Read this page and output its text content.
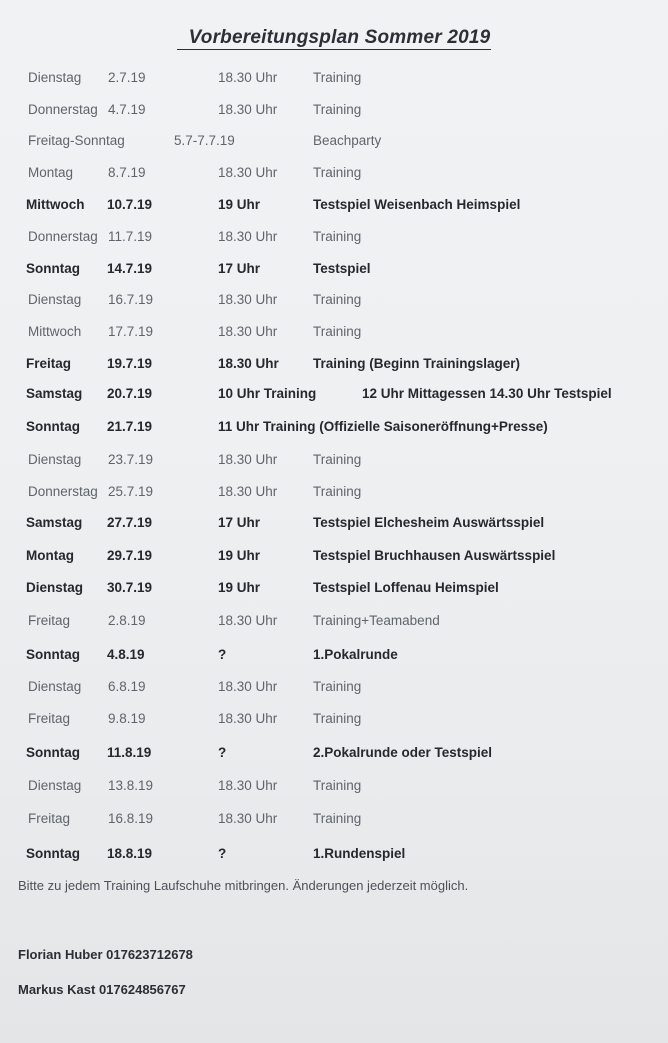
Vorbereitungsplan Sommer 2019
Dienstag 2.7.19	18.30 Uhr	Training
Donnerstag 4.7.19	18.30 Uhr	Training
Freitag-Sonntag	5.7-7.7.19	Beachparty
Montag	8.7.19	18.30 Uhr	Training
Mittwoch 10.7.19	19 Uhr	Testspiel Weisenbach Heimspiel
Donnerstag 11.7.19	18.30 Uhr	Training
Sonntag 14.7.19	17 Uhr	Testspiel
Dienstag 16.7.19	18.30 Uhr	Training
Mittwoch 17.7.19	18.30 Uhr	Training
Freitag	19.7.19	18.30 Uhr	Training (Beginn Trainingslager)
Samstag 20.7.19	10 Uhr Training	12 Uhr Mittagessen 14.30 Uhr Testspiel
Sonntag 21.7.19	11 Uhr Training (Offizielle Saisoneröffnung+Presse)
Dienstag 23.7.19	18.30 Uhr	Training
Donnerstag 25.7.19	18.30 Uhr	Training
Samstag 27.7.19	17 Uhr	Testspiel Elchesheim Auswärtsspiel
Montag 29.7.19	19 Uhr	Testspiel Bruchhausen Auswärtsspiel
Dienstag 30.7.19	19 Uhr	Testspiel Loffenau Heimspiel
Freitag	2.8.19	18.30 Uhr	Training+Teamabend
Sonntag 4.8.19	?	1.Pokalrunde
Dienstag 6.8.19	18.30 Uhr	Training
Freitag	9.8.19	18.30 Uhr	Training
Sonntag 11.8.19	?	2.Pokalrunde oder Testspiel
Dienstag 13.8.19	18.30 Uhr	Training
Freitag	16.8.19	18.30 Uhr	Training
Sonntag 18.8.19	?	1.Rundenspiel
Bitte zu jedem Training Laufschuhe mitbringen. Änderungen jederzeit möglich.
Florian Huber 017623712678
Markus Kast 017624856767
